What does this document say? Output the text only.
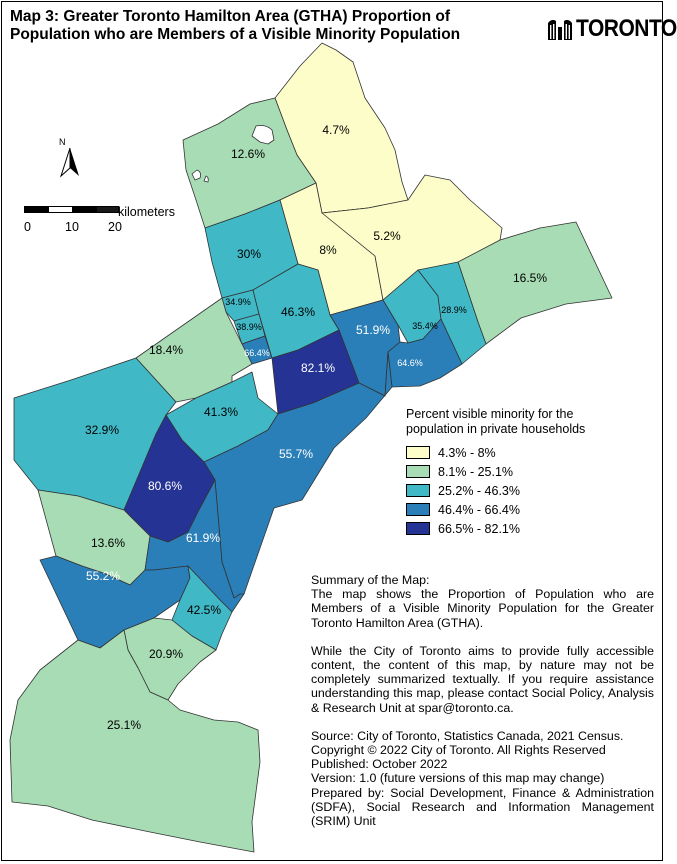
Map 3: Greater Toronto Hamilton Area (GTHA) Proportion of Population who are Members of a Visible Minority Population	TORONTO
4.7%
12.6%
8%
5.2%
16.5%
30%
34.9%
46.3%
38.9%	51.9% 35.4%
28.9%
66.4%
64.6%
18.4%
82.1%
32.9%
41.3%
55.7%
80.6%
13.6%	61.9%
55.2%
42.5%
20.9%
25.1%
N
kilometers
0	10 20
Percent visible minority for the population in private households
4.3% - 8%
8.1% - 25.1%
25.2% - 46.3%
46.4% - 66.4%
66.5% - 82.1%

Summary of the Map:

The map shows the Proportion of Population who are Members of a Visible Minority Population for the Greater Toronto Hamilton Area (GTHA).

While the City of Toronto aims to provide fully accessible content, the content of this map, by nature may not be completely summarized textually. If you require assistance understanding this map, please contact Social Policy, Analysis & Research Unit at spar@toronto.ca.

Source: City of Toronto, Statistics Canada, 2021 Census.

Copyright © 2022 City of Toronto. All Rights Reserved

Published: October 2022

Version: 1.0 (future versions of this map may change)

Prepared by: Social Development, Finance & Administration (SDFA), Social Research and Information Management (SRIM) Unit
